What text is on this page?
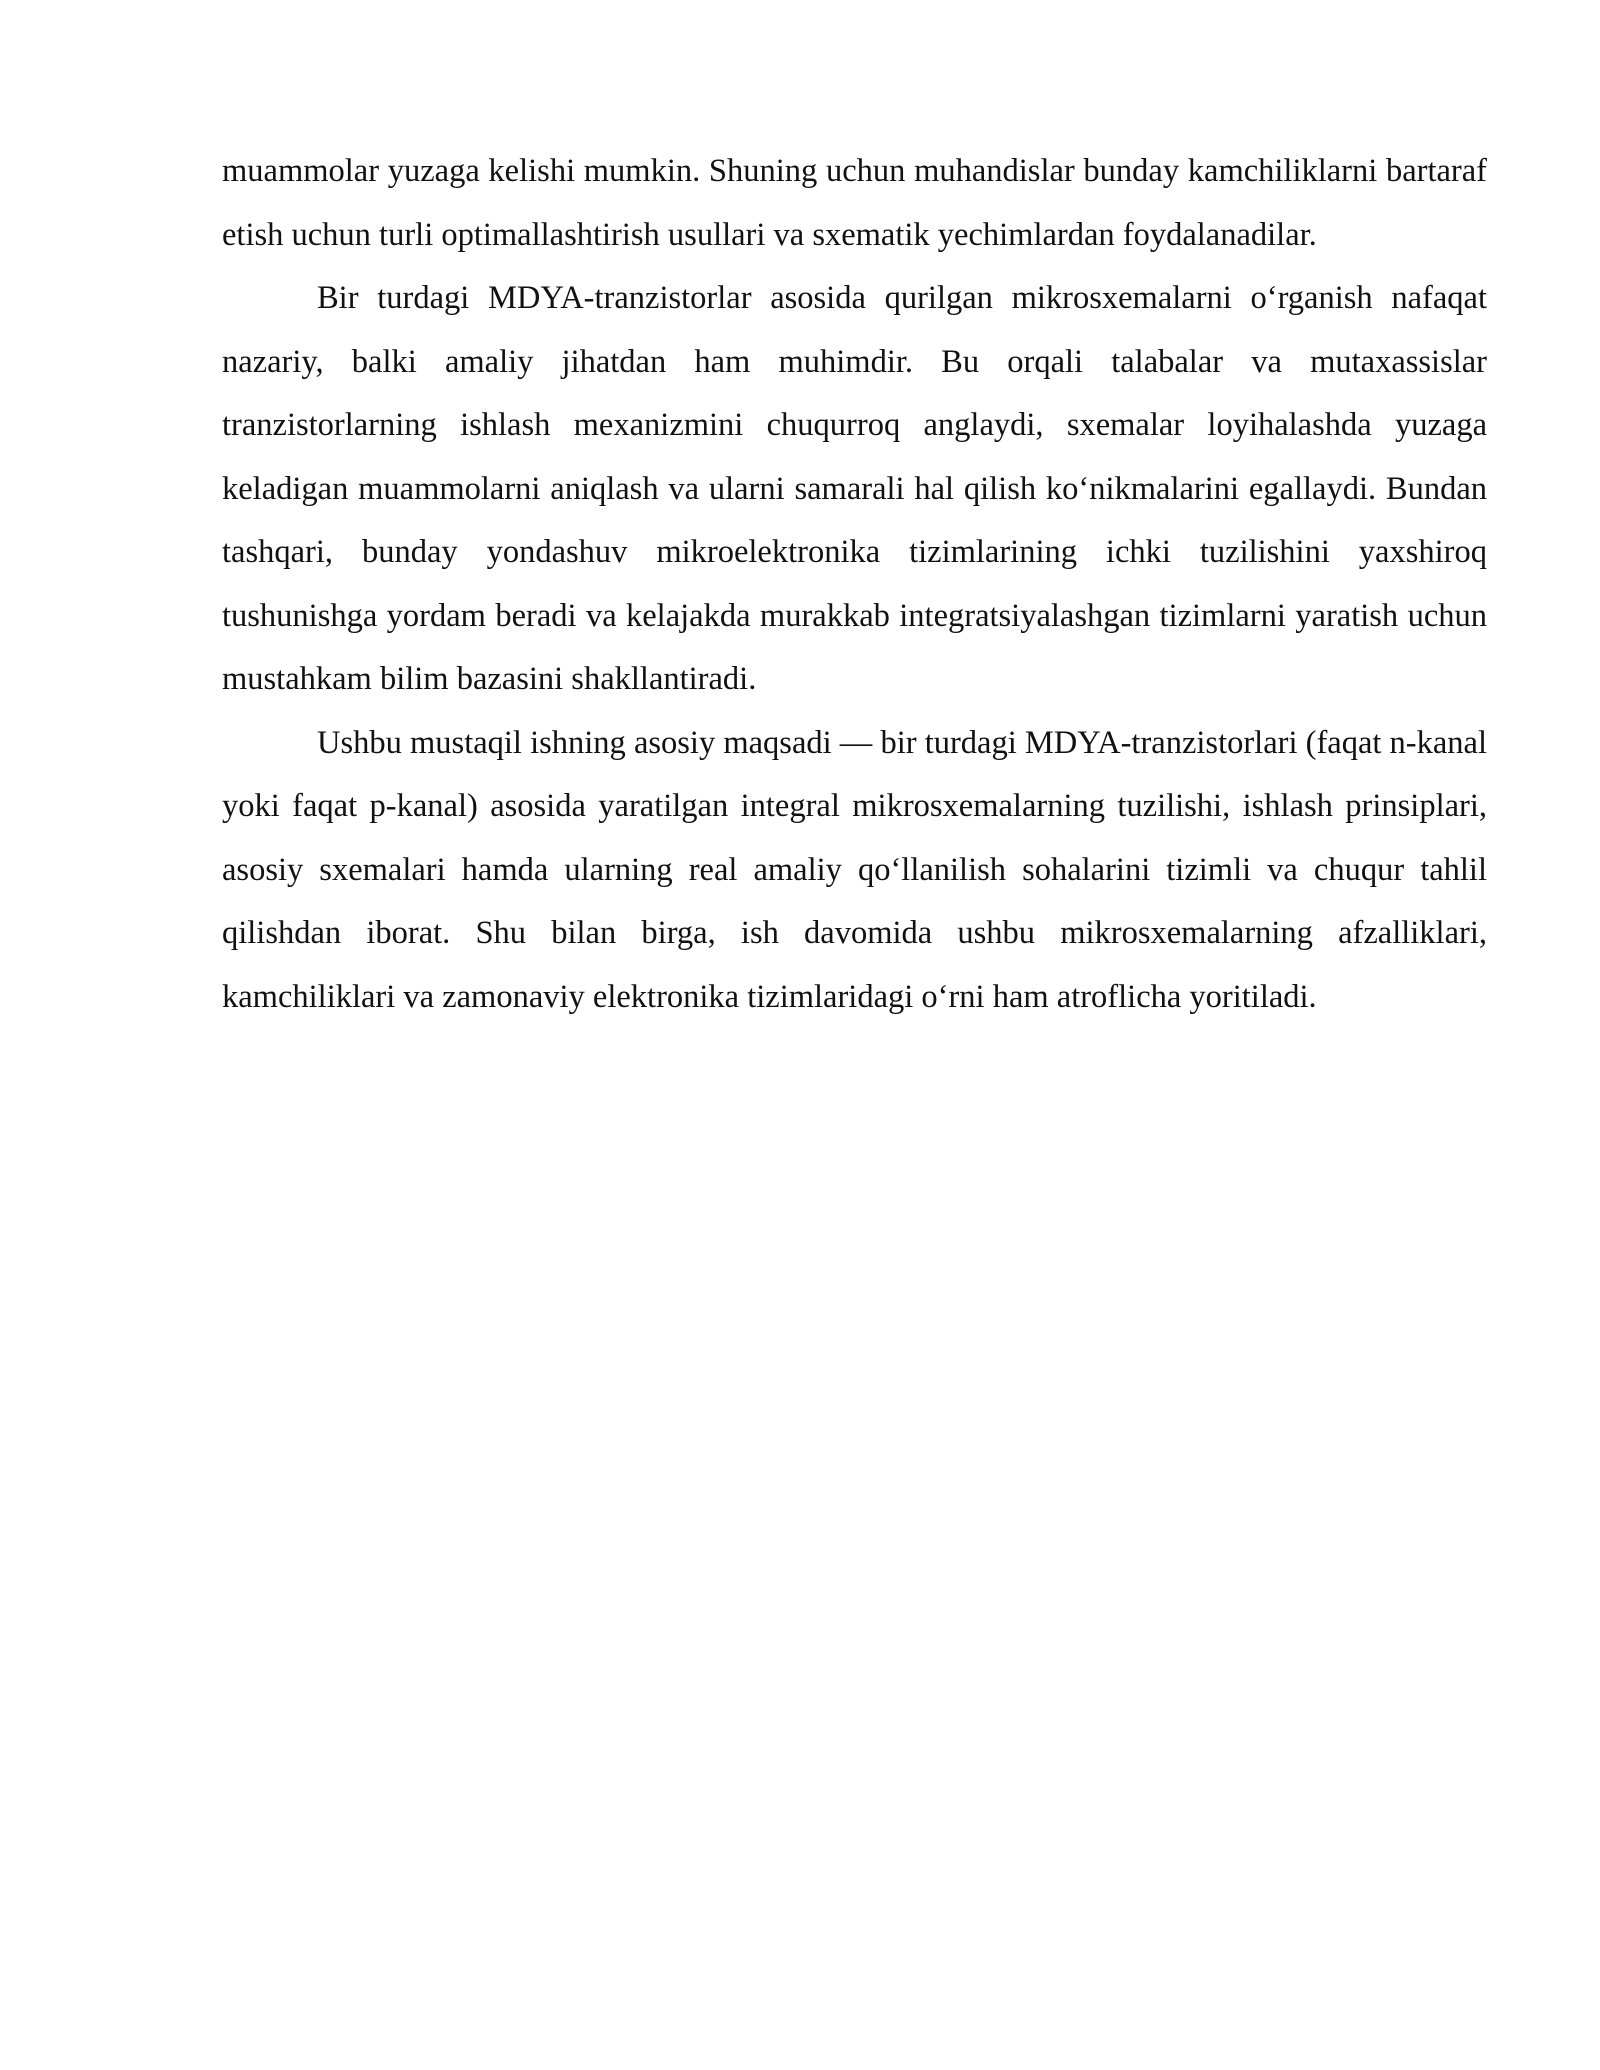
muammolar yuzaga kelishi mumkin. Shuning uchun muhandislar bunday kamchiliklarni bartaraf etish uchun turli optimallashtirish usullari va sxematik yechimlardan foydalanadilar.

Bir turdagi MDYA-tranzistorlar asosida qurilgan mikrosxemalarni o‘rganish nafaqat nazariy, balki amaliy jihatdan ham muhimdir. Bu orqali talabalar va mutaxassislar tranzistorlarning ishlash mexanizmini chuqurroq anglaydi, sxemalar loyihalashda yuzaga keladigan muammolarni aniqlash va ularni samarali hal qilish ko‘nikmalarini egallaydi. Bundan tashqari, bunday yondashuv mikroelektronika tizimlarining ichki tuzilishini yaxshiroq tushunishga yordam beradi va kelajakda murakkab integratsiyalashgan tizimlarni yaratish uchun mustahkam bilim bazasini shakllantiradi.

Ushbu mustaqil ishning asosiy maqsadi — bir turdagi MDYA-tranzistorlari (faqat n-kanal yoki faqat p-kanal) asosida yaratilgan integral mikrosxemalarning tuzilishi, ishlash prinsiplari, asosiy sxemalari hamda ularning real amaliy qo‘llanilish sohalarini tizimli va chuqur tahlil qilishdan iborat. Shu bilan birga, ish davomida ushbu mikrosxemalarning afzalliklari, kamchiliklari va zamonaviy elektronika tizimlaridagi o‘rni ham atroflicha yoritiladi.
